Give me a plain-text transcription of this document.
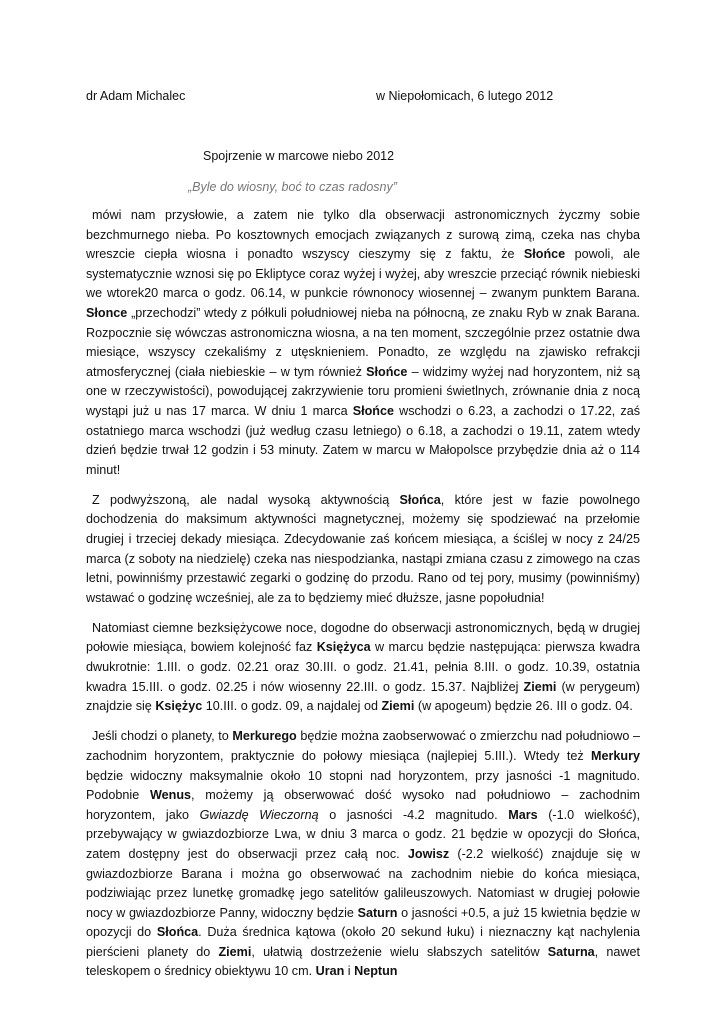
dr Adam Michalec	w Niepołomicach, 6 lutego 2012
Spojrzenie w marcowe niebo 2012
„Byle do wiosny, boć to czas radosny”

mówi nam przysłowie, a zatem nie tylko dla obserwacji astronomicznych życzmy sobie bezchmurnego nieba. Po kosztownych emocjach związanych z surową zimą, czeka nas chyba wreszcie ciepła wiosna i ponadto wszyscy cieszymy się z faktu, że Słońce powoli, ale systematycznie wznosi się po Ekliptyce coraz wyżej i wyżej, aby wreszcie przeciąć równik niebieski we wtorek20 marca o godz. 06.14, w punkcie równonocy wiosennej – zwanym punktem Barana. Słonce „przechodzi” wtedy z półkuli południowej nieba na północną, ze znaku Ryb w znak Barana. Rozpocznie się wówczas astronomiczna wiosna, a na ten moment, szczególnie przez ostatnie dwa miesiące, wszyscy czekaliśmy z utęsknieniem. Ponadto, ze względu na zjawisko refrakcji atmosferycznej (ciała niebieskie – w tym również Słońce – widzimy wyżej nad horyzontem, niż są one w rzeczywistości), powodującej zakrzywienie toru promieni świetlnych, zrównanie dnia z nocą wystąpi już u nas 17 marca. W dniu 1 marca Słońce wschodzi o 6.23, a zachodzi o 17.22, zaś ostatniego marca wschodzi (już według czasu letniego) o 6.18, a zachodzi o 19.11, zatem wtedy dzień będzie trwał 12 godzin i 53 minuty. Zatem w marcu w Małopolsce przybędzie dnia aż o 114 minut!

Z podwyższoną, ale nadal wysoką aktywnością Słońca, które jest w fazie powolnego dochodzenia do maksimum aktywności magnetycznej, możemy się spodziewać na przełomie drugiej i trzeciej dekady miesiąca. Zdecydowanie zaś końcem miesiąca, a ściślej w nocy z 24/25 marca (z soboty na niedzielę) czeka nas niespodzianka, nastąpi zmiana czasu z zimowego na czas letni, powinniśmy przestawić zegarki o godzinę do przodu. Rano od tej pory, musimy (powinniśmy) wstawać o godzinę wcześniej, ale za to będziemy mieć dłuższe, jasne popołudnia!

Natomiast ciemne bezksiężycowe noce, dogodne do obserwacji astronomicznych, będą w drugiej połowie miesiąca, bowiem kolejność faz Księżyca w marcu będzie następująca: pierwsza kwadra dwukrotnie: 1.III. o godz. 02.21 oraz 30.III. o godz. 21.41, pełnia 8.III. o godz. 10.39, ostatnia kwadra 15.III. o godz. 02.25 i nów wiosenny 22.III. o godz. 15.37. Najbliżej Ziemi (w perygeum) znajdzie się Księżyc 10.III. o godz. 09, a najdalej od Ziemi (w apogeum) będzie 26. III o godz. 04.

Jeśli chodzi o planety, to Merkurego będzie można zaobserwować o zmierzchu nad południowo – zachodnim horyzontem, praktycznie do połowy miesiąca (najlepiej 5.III.). Wtedy też Merkury będzie widoczny maksymalnie około 10 stopni nad horyzontem, przy jasności -1 magnitudo. Podobnie Wenus, możemy ją obserwować dość wysoko nad południowo – zachodnim horyzontem, jako Gwiazdę Wieczorną o jasności -4.2 magnitudo. Mars (-1.0 wielkość), przebywający w gwiazdozbiorze Lwa, w dniu 3 marca o godz. 21 będzie w opozycji do Słońca, zatem dostępny jest do obserwacji przez całą noc. Jowisz (-2.2 wielkość) znajduje się w gwiazdozbiorze Barana i można go obserwować na zachodnim niebie do końca miesiąca, podziwiając przez lunetkę gromadkę jego satelitów galileuszowych. Natomiast w drugiej połowie nocy w gwiazdozbiorze Panny, widoczny będzie Saturn o jasności +0.5, a już 15 kwietnia będzie w opozycji do Słońca. Duża średnica kątowa (około 20 sekund łuku) i nieznaczny kąt nachylenia pierścieni planety do Ziemi, ułatwią dostrzeżenie wielu słabszych satelitów Saturna, nawet teleskopem o średnicy obiektywu 10 cm. Uran i Neptun
